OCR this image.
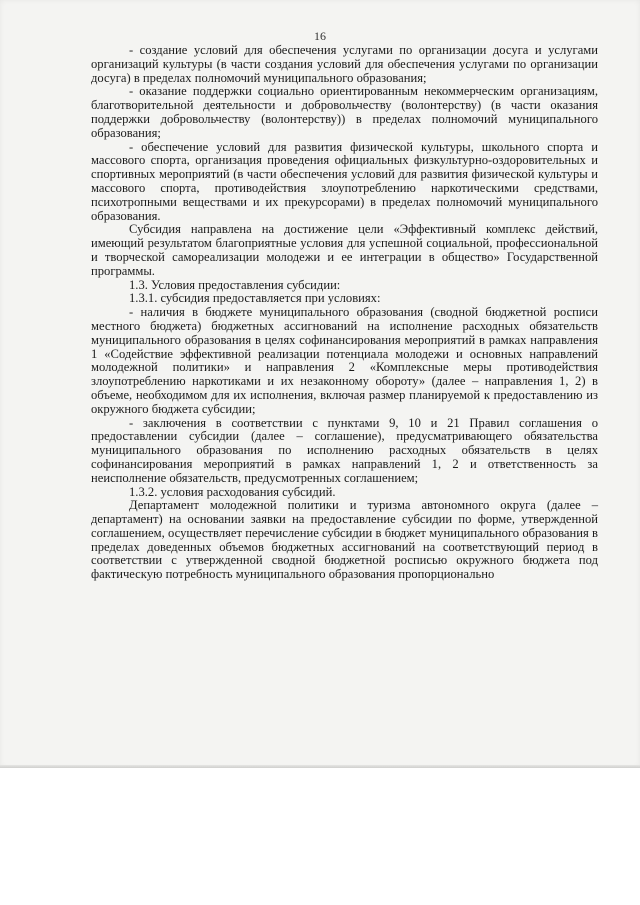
16

- создание условий для обеспечения услугами по организации досуга и услугами организаций культуры (в части создания условий для обеспечения услугами по организации досуга) в пределах полномочий муниципального образования;

- оказание поддержки социально ориентированным некоммерческим организациям, благотворительной деятельности и добровольчеству (волонтерству) (в части оказания поддержки добровольчеству (волонтерству)) в пределах полномочий муниципального образования;

- обеспечение условий для развития физической культуры, школьного спорта и массового спорта, организация проведения официальных физкультурно-оздоровительных и спортивных мероприятий (в части обеспечения условий для развития физической культуры и массового спорта, противодействия злоупотреблению наркотическими средствами, психотропными веществами и их прекурсорами) в пределах полномочий муниципального образования.

Субсидия направлена на достижение цели «Эффективный комплекс действий, имеющий результатом благоприятные условия для успешной социальной, профессиональной и творческой самореализации молодежи и ее интеграции в общество» Государственной программы.

1.3. Условия предоставления субсидии:

1.3.1. субсидия предоставляется при условиях:

- наличия в бюджете муниципального образования (сводной бюджетной росписи местного бюджета) бюджетных ассигнований на исполнение расходных обязательств муниципального образования в целях софинансирования мероприятий в рамках направления 1 «Содействие эффективной реализации потенциала молодежи и основных направлений молодежной политики» и направления 2 «Комплексные меры противодействия злоупотреблению наркотиками и их незаконному обороту» (далее – направления 1, 2) в объеме, необходимом для их исполнения, включая размер планируемой к предоставлению из окружного бюджета субсидии;

- заключения в соответствии с пунктами 9, 10 и 21 Правил соглашения о предоставлении субсидии (далее – соглашение), предусматривающего обязательства муниципального образования по исполнению расходных обязательств в целях софинансирования мероприятий в рамках направлений 1, 2 и ответственность за неисполнение обязательств, предусмотренных соглашением;

1.3.2. условия расходования субсидий.

Департамент молодежной политики и туризма автономного округа (далее – департамент) на основании заявки на предоставление субсидии по форме, утвержденной соглашением, осуществляет перечисление субсидии в бюджет муниципального образования в пределах доведенных объемов бюджетных ассигнований на соответствующий период в соответствии с утвержденной сводной бюджетной росписью окружного бюджета под фактическую потребность муниципального образования пропорционально
